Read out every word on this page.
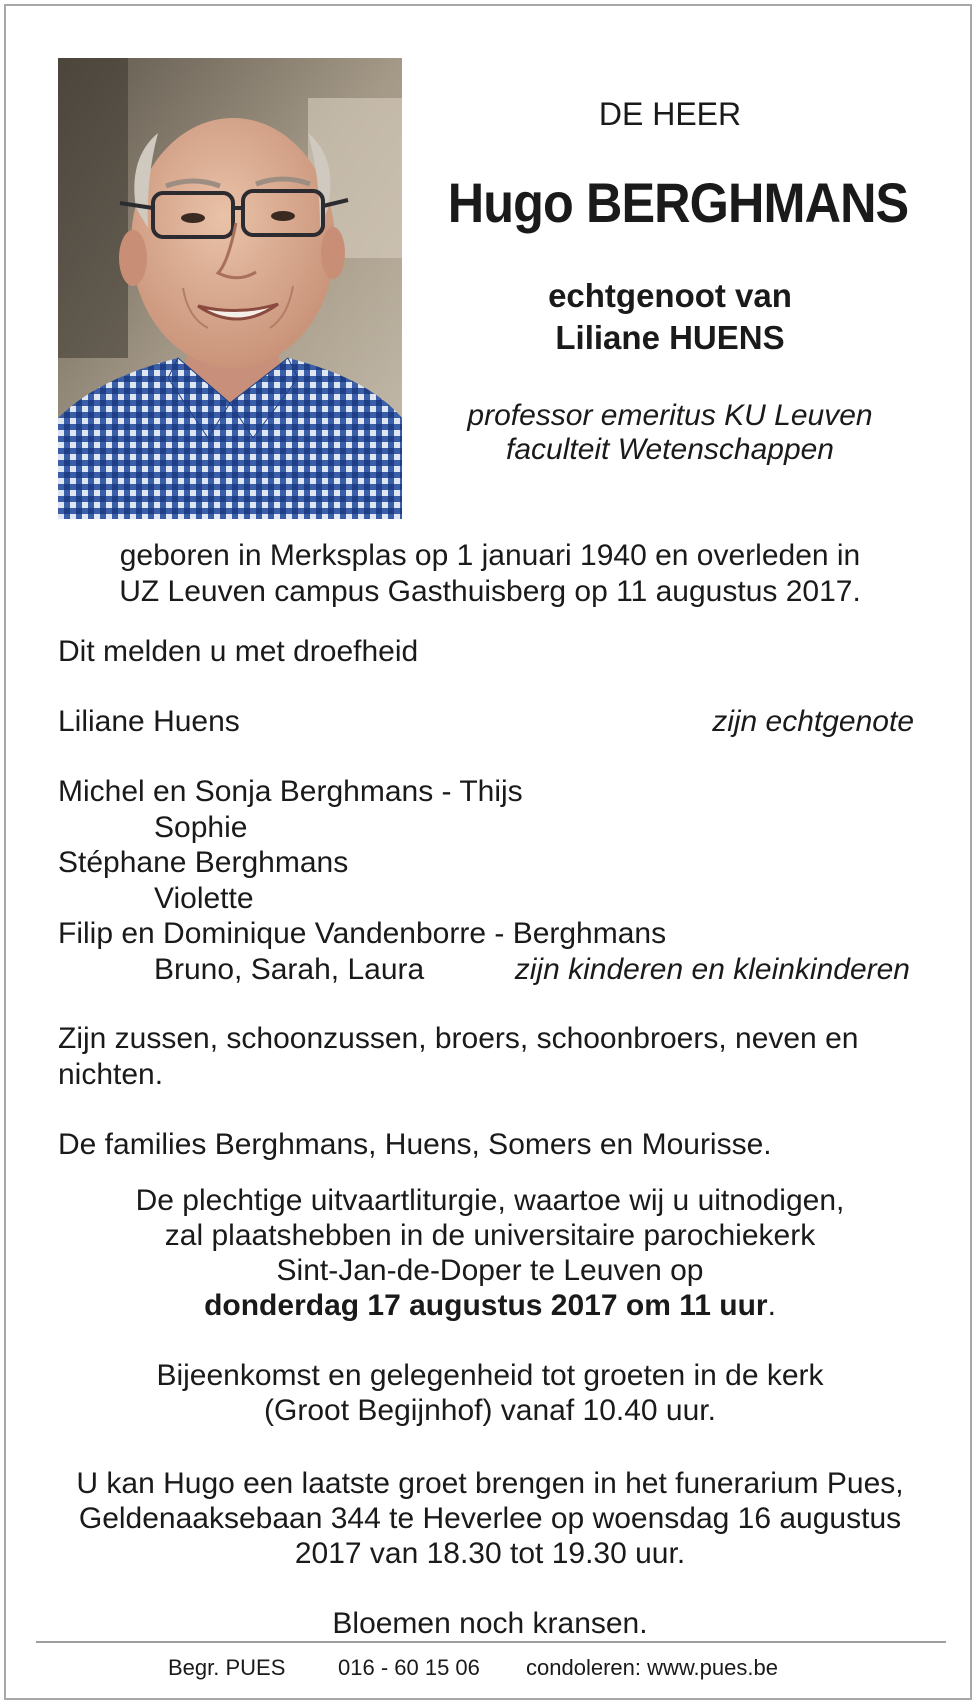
DE HEER
Hugo BERGHMANS
echtgenoot van
Liliane HUENS
professor emeritus KU Leuven
faculteit Wetenschappen
geboren in Merksplas op 1 januari 1940 en overleden in
UZ Leuven campus Gasthuisberg op 11 augustus 2017.
Dit melden u met droefheid
Liliane Huens	zijn echtgenote
Michel en Sonja Berghmans - Thijs
Sophie
Stéphane Berghmans
Violette
Filip en Dominique Vandenborre - Berghmans
Bruno, Sarah, Laura	zijn kinderen en kleinkinderen
Zijn zussen, schoonzussen, broers, schoonbroers, neven en
nichten.
De families Berghmans, Huens, Somers en Mourisse.
De plechtige uitvaartliturgie, waartoe wij u uitnodigen,
zal plaatshebben in de universitaire parochiekerk
Sint-Jan-de-Doper te Leuven op
donderdag 17 augustus 2017 om 11 uur.
Bijeenkomst en gelegenheid tot groeten in de kerk
(Groot Begijnhof) vanaf 10.40 uur.
U kan Hugo een laatste groet brengen in het funerarium Pues,
Geldenaaksebaan 344 te Heverlee op woensdag 16 augustus
2017 van 18.30 tot 19.30 uur.
Bloemen noch kransen.
Begr. PUES 016 - 60 15 06 condoleren: www.pues.be
